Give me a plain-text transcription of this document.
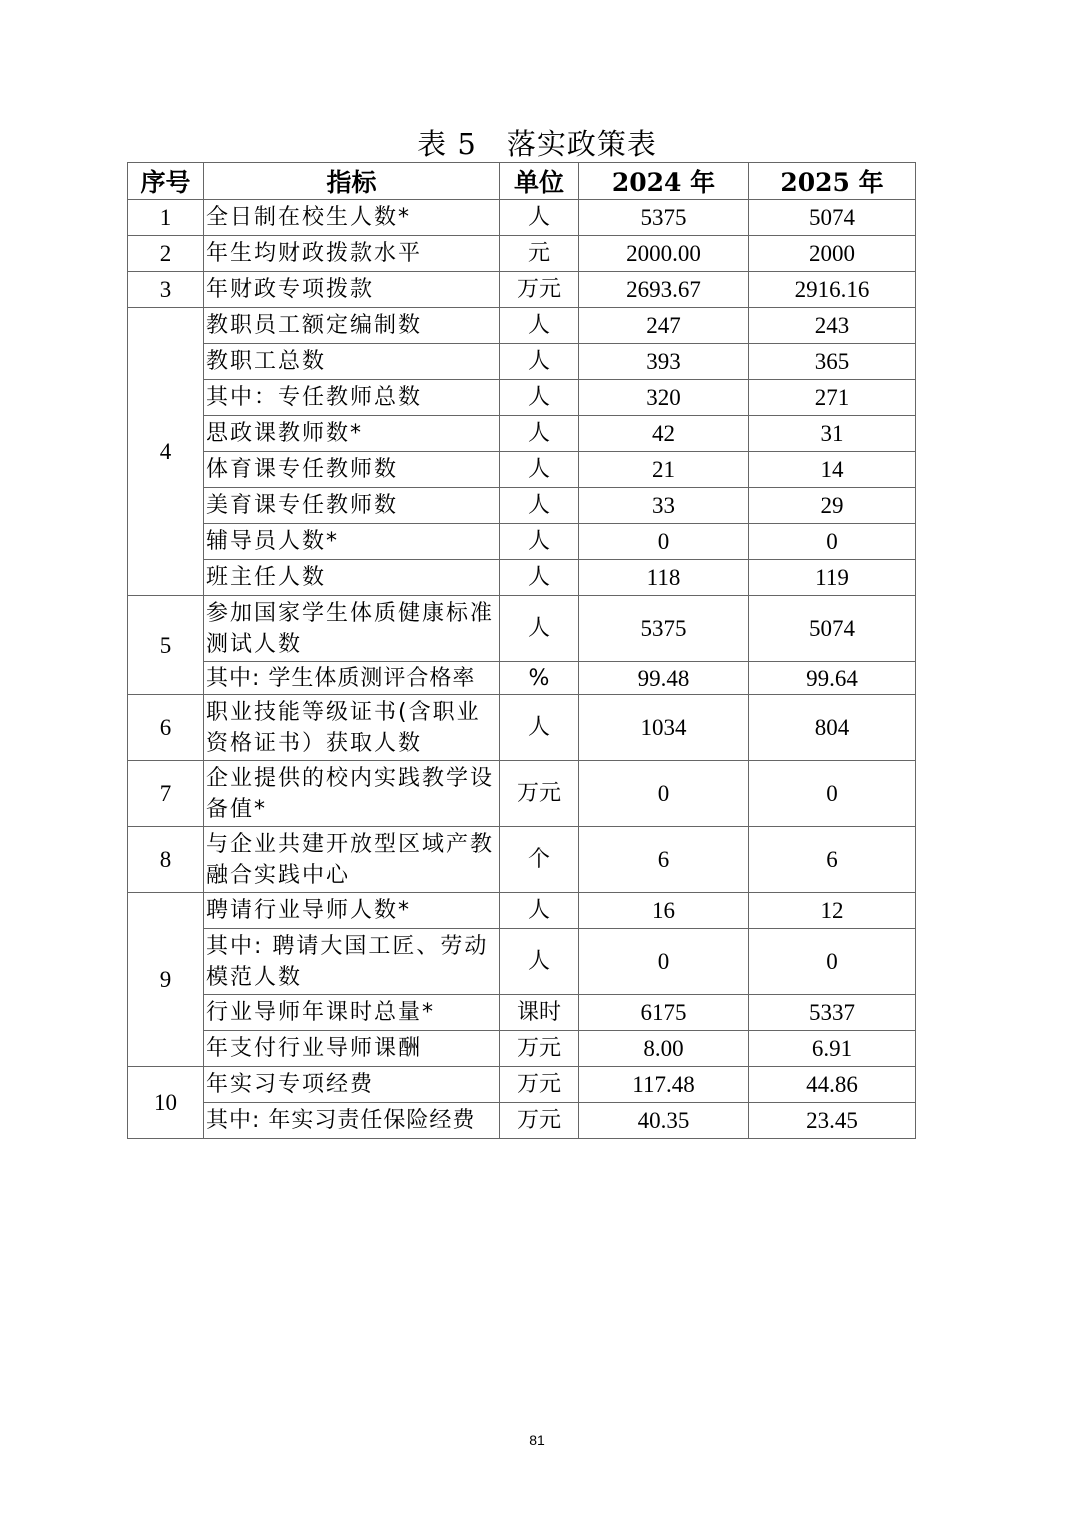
表 5　落实政策表
序号	指标	单位	2024 年	2025 年
1	全日制在校生人数*	人	5375	5074
2	年生均财政拨款水平	元	2000.00	2000
3	年财政专项拨款	万元	2693.67	2916.16
4	教职员工额定编制数	人	247	243
	教职工总数	人	393	365
	其中：专任教师总数	人	320	271
	思政课教师数*	人	42	31
	体育课专任教师数	人	21	14
	美育课专任教师数	人	33	29
	辅导员人数*	人	0	0
	班主任人数	人	118	119
5	参加国家学生体质健康标准测试人数	人	5375	5074
	其中: 学生体质测评合格率	%	99.48	99.64
6	职业技能等级证书(含职业资格证书）获取人数	人	1034	804
7	企业提供的校内实践教学设备值*	万元	0	0
8	与企业共建开放型区域产教融合实践中心	个	6	6
9	聘请行业导师人数*	人	16	12
	其中: 聘请大国工匠、劳动模范人数	人	0	0
	行业导师年课时总量*	课时	6175	5337
	年支付行业导师课酬	万元	8.00	6.91
10	年实习专项经费	万元	117.48	44.86
	其中: 年实习责任保险经费	万元	40.35	23.45
81
